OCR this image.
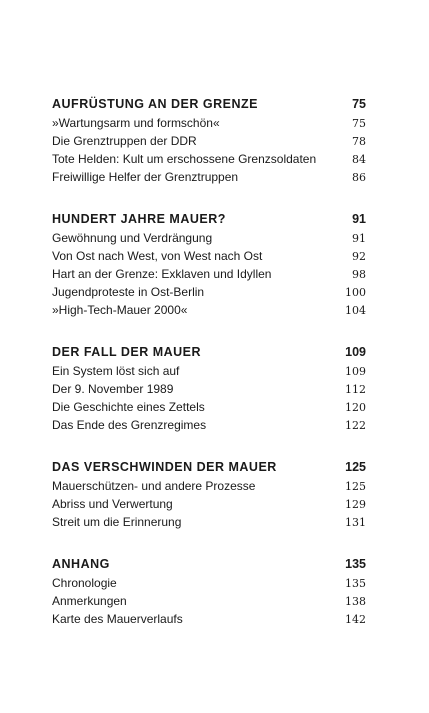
AUFRÜSTUNG AN DER GRENZE	75
»Wartungsarm und formschön«	75
Die Grenztruppen der DDR	78
Tote Helden: Kult um erschossene Grenzsoldaten	84
Freiwillige Helfer der Grenztruppen	86
HUNDERT JAHRE MAUER?	91
Gewöhnung und Verdrängung	91
Von Ost nach West, von West nach Ost	92
Hart an der Grenze: Exklaven und Idyllen	98
Jugendproteste in Ost-Berlin	100
»High-Tech-Mauer 2000«	104
DER FALL DER MAUER	109
Ein System löst sich auf	109
Der 9. November 1989	112
Die Geschichte eines Zettels	120
Das Ende des Grenzregimes	122
DAS VERSCHWINDEN DER MAUER	125
Mauerschützen- und andere Prozesse	125
Abriss und Verwertung	129
Streit um die Erinnerung	131
ANHANG	135
Chronologie	135
Anmerkungen	138
Karte des Mauerverlaufs	142
